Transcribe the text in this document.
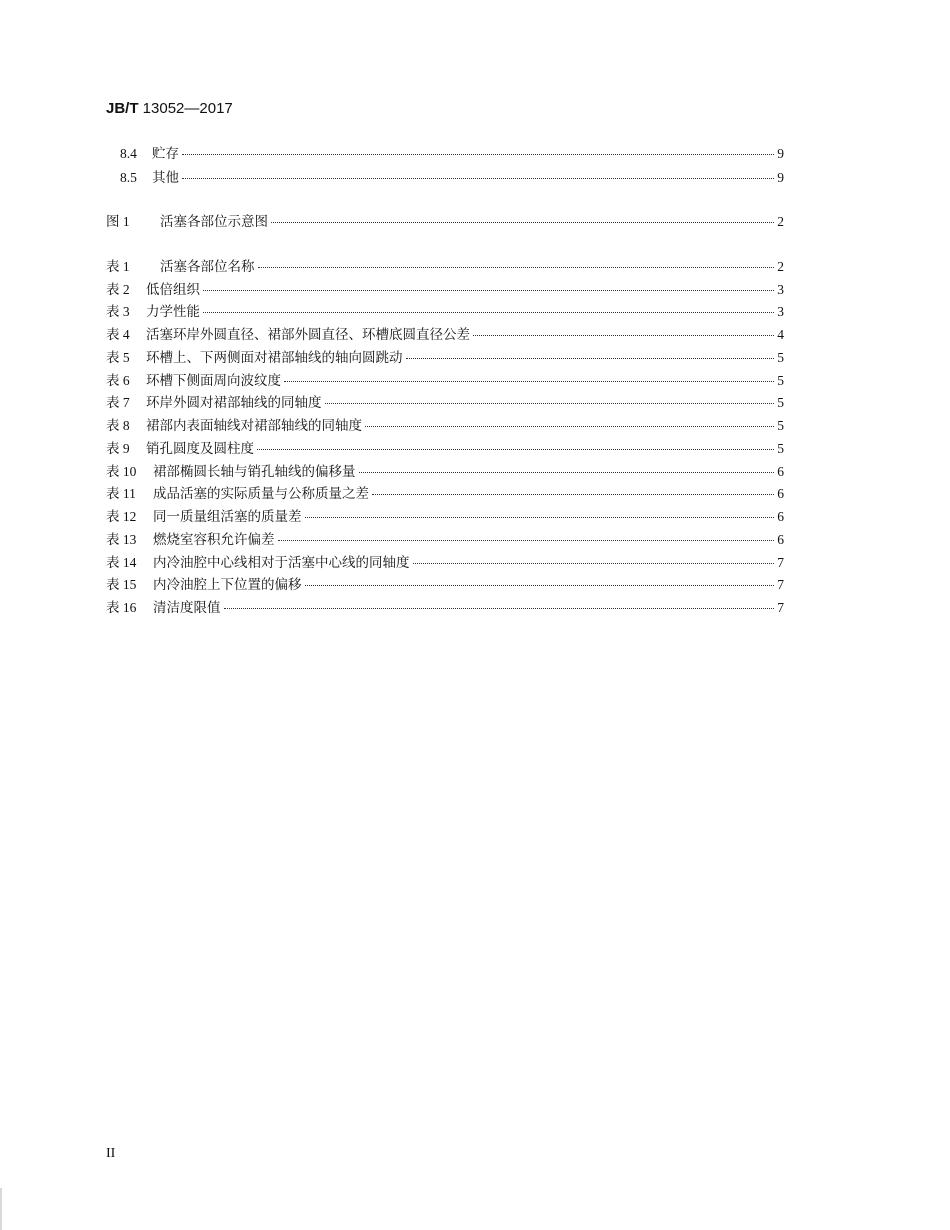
JB/T 13052—2017
8.4	贮存	9
8.5	其他	9
图 1	活塞各部位示意图	2
表 1	活塞各部位名称	2
表 2	低倍组织	3
表 3	力学性能	3
表 4	活塞环岸外圆直径、裙部外圆直径、环槽底圆直径公差	4
表 5	环槽上、下两侧面对裙部轴线的轴向圆跳动	5
表 6	环槽下侧面周向波纹度	5
表 7	环岸外圆对裙部轴线的同轴度	5
表 8	裙部内表面轴线对裙部轴线的同轴度	5
表 9	销孔圆度及圆柱度	5
表 10	裙部椭圆长轴与销孔轴线的偏移量	6
表 11	成品活塞的实际质量与公称质量之差	6
表 12	同一质量组活塞的质量差	6
表 13	燃烧室容积允许偏差	6
表 14	内冷油腔中心线相对于活塞中心线的同轴度	7
表 15	内冷油腔上下位置的偏移	7
表 16	清洁度限值	7
II
